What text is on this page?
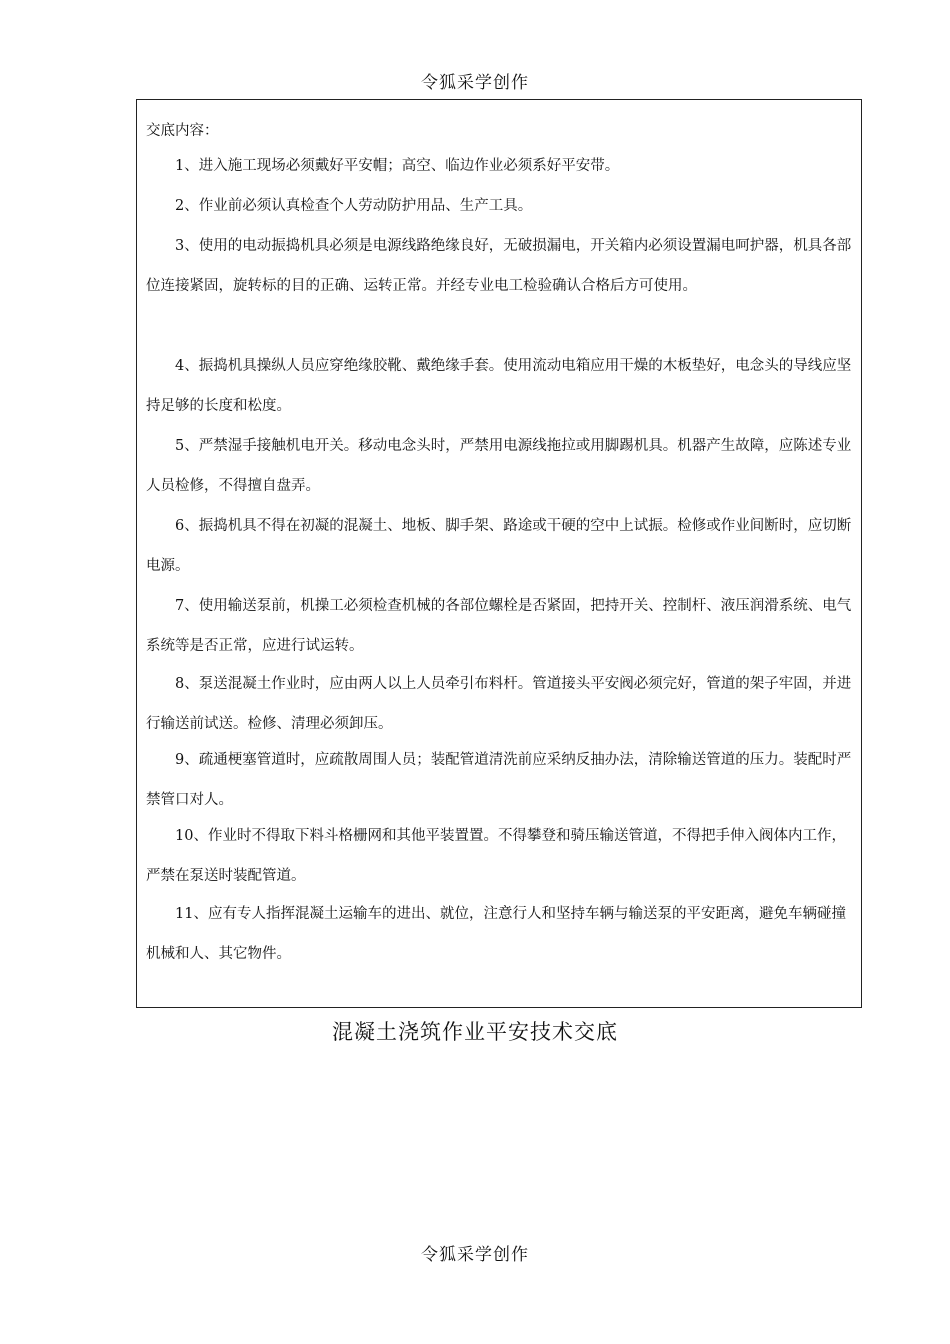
令狐采学创作
交底内容：

1、进入施工现场必须戴好平安帽；高空、临边作业必须系好平安带。

2、作业前必须认真检查个人劳动防护用品、生产工具。

3、使用的电动振捣机具必须是电源线路绝缘良好，无破损漏电，开关箱内必须设置漏电呵护器，机具各部位连接紧固，旋转标的目的正确、运转正常。并经专业电工检验确认合格后方可使用。

4、振捣机具操纵人员应穿绝缘胶靴、戴绝缘手套。使用流动电箱应用干燥的木板垫好，电念头的导线应坚持足够的长度和松度。

5、严禁湿手接触机电开关。移动电念头时，严禁用电源线拖拉或用脚踢机具。机器产生故障，应陈述专业人员检修，不得擅自盘弄。

6、振捣机具不得在初凝的混凝土、地板、脚手架、路途或干硬的空中上试振。检修或作业间断时，应切断电源。

7、使用输送泵前，机操工必须检查机械的各部位螺栓是否紧固，把持开关、控制杆、液压润滑系统、电气系统等是否正常，应进行试运转。

8、泵送混凝土作业时，应由两人以上人员牵引布料杆。管道接头平安阀必须完好，管道的架子牢固，并进行输送前试送。检修、清理必须卸压。

9、疏通梗塞管道时，应疏散周围人员；装配管道清洗前应采纳反抽办法，清除输送管道的压力。装配时严禁管口对人。

10、作业时不得取下料斗格栅网和其他平装置置。不得攀登和骑压输送管道，不得把手伸入阀体内工作，严禁在泵送时装配管道。

11、应有专人指挥混凝土运输车的进出、就位，注意行人和坚持车辆与输送泵的平安距离，避免车辆碰撞机械和人、其它物件。

混凝土浇筑作业平安技术交底
令狐采学创作
